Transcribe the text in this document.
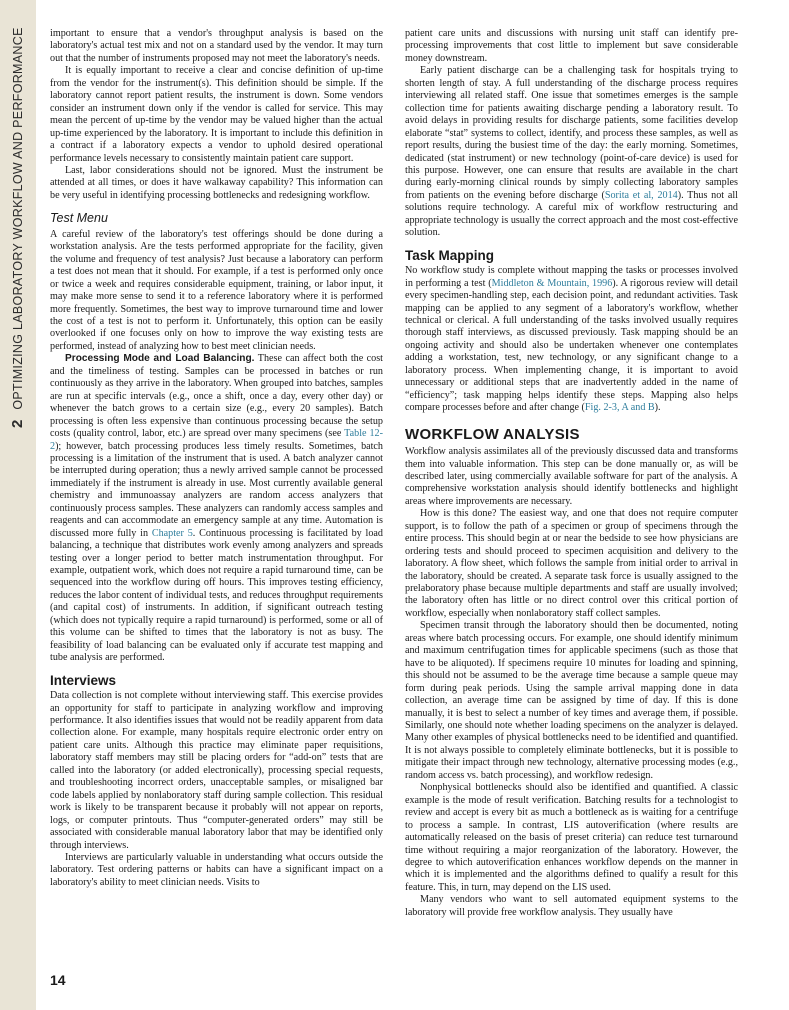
2
OPTIMIZING LABORATORY WORKFLOW AND PERFORMANCE	important to ensure that a vendor's throughput analysis is based on the laboratory's actual test mix and not on a standard used by the vendor. It may turn out that the number of instruments proposed may not meet the laboratory's needs.

It is equally important to receive a clear and concise definition of up-time from the vendor for the instrument(s). This definition should be simple. If the laboratory cannot report patient results, the instrument is down. Some vendors consider an instrument down only if the vendor is called for service. This may mean the percent of up-time by the vendor may be valued higher than the actual up-time experienced by the laboratory. It is important to include this definition in a contract if a laboratory expects a vendor to uphold desired operational performance levels necessary to consistently maintain patient care support.

Last, labor considerations should not be ignored. Must the instrument be attended at all times, or does it have walkaway capability? This information can be very useful in identifying processing bottlenecks and redesigning workflow.

Test Menu

A careful review of the laboratory's test offerings should be done during a workstation analysis. Are the tests performed appropriate for the facility, given the volume and frequency of test analysis? Just because a laboratory can perform a test does not mean that it should. For example, if a test is performed only once or twice a week and requires considerable equipment, training, or labor input, it may make more sense to send it to a reference laboratory where it is performed more frequently. Sometimes, the best way to improve turnaround time and lower the cost of a test is not to perform it. Unfortunately, this option can be easily overlooked if one focuses only on how to improve the way existing tests are performed, instead of analyzing how to best meet clinician needs.

Processing Mode and Load Balancing. These can affect both the cost and the timeliness of testing. Samples can be processed in batches or run continuously as they arrive in the laboratory. When grouped into batches, samples are run at specific intervals (e.g., once a shift, once a day, every other day) or whenever the batch grows to a certain size (e.g., every 20 samples). Batch processing is often less expensive than continuous processing because the setup costs (quality control, labor, etc.) are spread over many specimens (see Table 12-2); however, batch processing produces less timely results. Sometimes, batch processing is a limitation of the instrument that is used. A batch analyzer cannot be interrupted during operation; thus a newly arrived sample cannot be processed immediately if the instrument is already in use. Most currently available general chemistry and immunoassay analyzers are random access analyzers that continuously process samples. These analyzers can randomly access samples and reagents and can accommodate an emergency sample at any time. Automation is discussed more fully in Chapter 5. Continuous processing is facilitated by load balancing, a technique that distributes work evenly among analyzers and spreads testing over a longer period to better match instrumentation throughput. For example, outpatient work, which does not require a rapid turnaround time, can be sequenced into the workflow during off hours. This improves testing efficiency, reduces the labor content of individual tests, and reduces throughput requirements (and capital cost) of instruments. In addition, if significant outreach testing (which does not typically require a rapid turnaround) is performed, some or all of this volume can be shifted to times that the laboratory is not as busy. The feasibility of load balancing can be evaluated only if accurate test mapping and tube analysis are performed.

Interviews

Data collection is not complete without interviewing staff. This exercise provides an opportunity for staff to participate in analyzing workflow and improving performance. It also identifies issues that would not be readily apparent from data collection alone. For example, many hospitals require electronic order entry on patient care units. Although this practice may eliminate paper requisitions, laboratory staff members may still be placing orders for “add-on” tests that are called into the laboratory (or added electronically), processing special requests, and troubleshooting incorrect orders, unacceptable samples, or misaligned bar code labels applied by nonlaboratory staff during sample collection. This residual work is likely to be transparent because it probably will not appear on reports, logs, or computer printouts. Thus “computer-generated orders” may still be associated with considerable manual laboratory labor that may be identified only through interviews.

Interviews are particularly valuable in understanding what occurs outside the laboratory. Test ordering patterns or habits can have a significant impact on a laboratory's ability to meet clinician needs. Visits to

patient care units and discussions with nursing unit staff can identify pre-processing improvements that cost little to implement but save considerable money downstream.

Early patient discharge can be a challenging task for hospitals trying to shorten length of stay. A full understanding of the discharge process requires interviewing all related staff. One issue that sometimes emerges is the sample collection time for patients awaiting discharge pending a laboratory result. To avoid delays in providing results for discharge patients, some facilities develop elaborate “stat” systems to collect, identify, and process these samples, as well as report results, during the busiest time of the day: the early morning. Sometimes, dedicated (stat instrument) or new technology (point-of-care device) is used for this purpose. However, one can ensure that results are available in the chart during early-morning clinical rounds by simply collecting laboratory samples from patients on the evening before discharge (Sorita et al, 2014). Thus not all solutions require technology. A careful mix of workflow restructuring and appropriate technology is usually the correct approach and the most cost-effective solution.

Task Mapping

No workflow study is complete without mapping the tasks or processes involved in performing a test (Middleton & Mountain, 1996). A rigorous review will detail every specimen-handling step, each decision point, and redundant activities. Task mapping can be applied to any segment of a laboratory's workflow, whether technical or clerical. A full understanding of the tasks involved usually requires thorough staff interviews, as discussed previously. Task mapping should be an ongoing activity and should also be undertaken whenever one contemplates adding a workstation, test, new technology, or any significant change to a laboratory process. When implementing change, it is important to avoid unnecessary or additional steps that are inadvertently added in the name of “efficiency”; task mapping helps identify these steps. Mapping also helps compare processes before and after change (Fig. 2-3, A and B).

WORKFLOW ANALYSIS

Workflow analysis assimilates all of the previously discussed data and transforms them into valuable information. This step can be done manually or, as will be described later, using commercially available software for part of the analysis. A comprehensive workstation analysis should identify bottlenecks and highlight areas where improvements are necessary.

How is this done? The easiest way, and one that does not require computer support, is to follow the path of a specimen or group of specimens through the entire process. This should begin at or near the bedside to see how physicians are ordering tests and should proceed to specimen acquisition and delivery to the laboratory. A flow sheet, which follows the sample from initial order to arrival in the laboratory, should be created. A separate task force is usually assigned to the prelaboratory phase because multiple departments and staff are usually involved; the laboratory often has little or no direct control over this critical portion of workflow, especially when nonlaboratory staff collect samples.

Specimen transit through the laboratory should then be documented, noting areas where batch processing occurs. For example, one should identify minimum and maximum centrifugation times for applicable specimens (such as those that have to be aliquoted). If specimens require 10 minutes for loading and spinning, this should not be assumed to be the average time because a sample queue may form during peak periods. Using the sample arrival mapping done in data collection, an average time can be assigned by time of day. If this is done manually, it is best to select a number of key times and average them, if possible. Similarly, one should note whether loading specimens on the analyzer is delayed. Many other examples of physical bottlenecks need to be identified and quantified. It is not always possible to completely eliminate bottlenecks, but it is possible to mitigate their impact through new technology, alternative processing modes (e.g., random access vs. batch processing), and workflow redesign.

Nonphysical bottlenecks should also be identified and quantified. A classic example is the mode of result verification. Batching results for a technologist to review and accept is every bit as much a bottleneck as is waiting for a centrifuge to process a sample. In contrast, LIS autoverification (where results are automatically released on the basis of preset criteria) can reduce test turnaround time without requiring a major reorganization of the laboratory. However, the degree to which autoverification enhances workflow depends on the manner in which it is implemented and the algorithms defined to qualify a result for this feature. This, in turn, may depend on the LIS used.

Many vendors who want to sell automated equipment systems to the laboratory will provide free workflow analysis. They usually have

14
